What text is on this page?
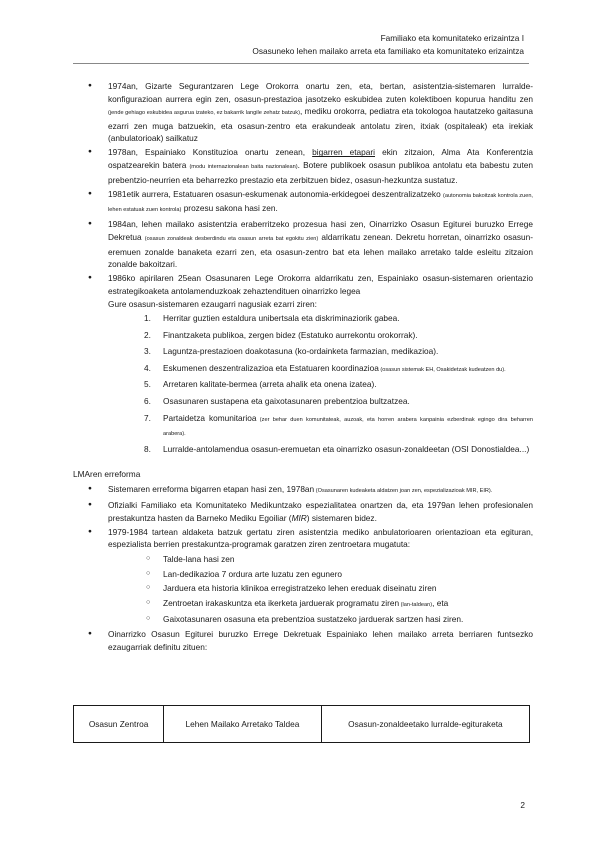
Familiako eta komunitateko erizaintza I
Osasuneko lehen mailako arreta eta familiako eta komunitateko erizaintza
● 1974an, Gizarte Segurantzaren Lege Orokorra onartu zen, eta, bertan, asistentzia-sistemaren lurralde-konfigurazioan aurrera egin zen, osasun-prestazioa jasotzeko eskubidea zuten kolektiboen kopurua handitu zen (jende gehiago eskubidea asgurua izateko, ez bakarrik langile zehatz batzuk), mediku orokorra, pediatra eta tokologoa hautatzeko gaitasuna ezarri zen muga batzuekin, eta osasun-zentro eta erakundeak antolatu ziren, itxiak (ospitaleak) eta irekiak (anbulatorioak) sailkatuz
● 1978an, Espainiako Konstituzioa onartu zenean, bigarren etapari ekin zitzaion, Alma Ata Konferentzia ospatzearekin batera (modu internazionalean baita nazionalean). Botere publikoek osasun publikoa antolatu eta babestu zuten prebentzio-neurrien eta beharrezko prestazio eta zerbitzuen bidez, osasun-hezkuntza sustatuz.
● 1981etik aurrera, Estatuaren osasun-eskumenak autonomia-erkidegoei deszentralizatzeko (autonomia bakoitzak kontrola zuen, lehen estatuak zuen kontrola) prozesu sakona hasi zen.
● 1984an, lehen mailako asistentzia eraberritzeko prozesua hasi zen, Oinarrizko Osasun Egiturei buruzko Errege Dekretua (osasun zonaldeak desberdindu eta osasun arreta bat egokitu zien) aldarrikatu zenean. Dekretu horretan, oinarrizko osasun-eremuen zonalde banaketa ezarri zen, eta osasun-zentro bat eta lehen mailako arretako talde esleitu zitzaion zonalde bakoitzari.
● 1986ko apirilaren 25ean Osasunaren Lege Orokorra aldarrikatu zen, Espainiako osasun-sistemaren orientazio estrategikoaketa antolamenduzkoak zehaztendituen oinarrizko legea
Gure osasun-sistemaren ezaugarri nagusiak ezarri ziren:
1. Herritar guztien estaldura unibertsala eta diskriminaziorik gabea.
2. Finantzaketa publikoa, zergen bidez (Estatuko aurrekontu orokorrak).
3. Laguntza-prestazioen doakotasuna (ko-ordainketa farmazian, medikazioa).
4. Eskumenen deszentralizazioa eta Estatuaren koordinazioa (osasun sistemak EH, Osakidetzak kudeatzen du).
5. Arretaren kalitate-bermea (arreta ahalik eta onena izatea).
6. Osasunaren sustapena eta gaixotasunaren prebentzioa bultzatzea.
7. Partaidetza komunitarioa (zer behar duen komunitateak, auzoak, eta horren arabera kanpainia ezberdinak egingo dira beharren arabera).
8. Lurralde-antolamendua osasun-eremuetan eta oinarrizko osasun-zonaldeetan (OSI Donostialdea...)
LMAren erreforma
● Sistemaren erreforma bigarren etapan hasi zen, 1978an (Osasunaren kudeaketa aldatzen joan zen, espezializazioak MIR, EIR).
● Ofizialki Familiako eta Komunitateko Medikuntzako espezialitatea onartzen da, eta 1979an lehen profesionalen prestakuntza hasten da Barneko Mediku Egoiliar (MIR) sistemaren bidez.
● 1979-1984 tartean aldaketa batzuk gertatu ziren asistentzia mediko anbulatorioaren orientazioan eta egituran, espezialista berrien prestakuntza-programak garatzen ziren zentroetara mugatuta:
○ Talde-lana hasi zen
○ Lan-dedikazioa 7 ordura arte luzatu zen egunero
○ Jarduera eta historia klinikoa erregistratzeko lehen ereduak diseinatu ziren
○ Zentroetan irakaskuntza eta ikerketa jarduerak programatu ziren (lan-taldean), eta
○ Gaixotasunaren osasuna eta prebentzioa sustatzeko jarduerak sartzen hasi ziren.
● Oinarrizko Osasun Egiturei buruzko Errege Dekretuak Espainiako lehen mailako arreta berriaren funtsezko ezaugarriak definitu zituen:
Osasun Zentroa	Lehen Mailako Arretako Taldea	Osasun-zonaldeetako lurralde-egituraketa
2
